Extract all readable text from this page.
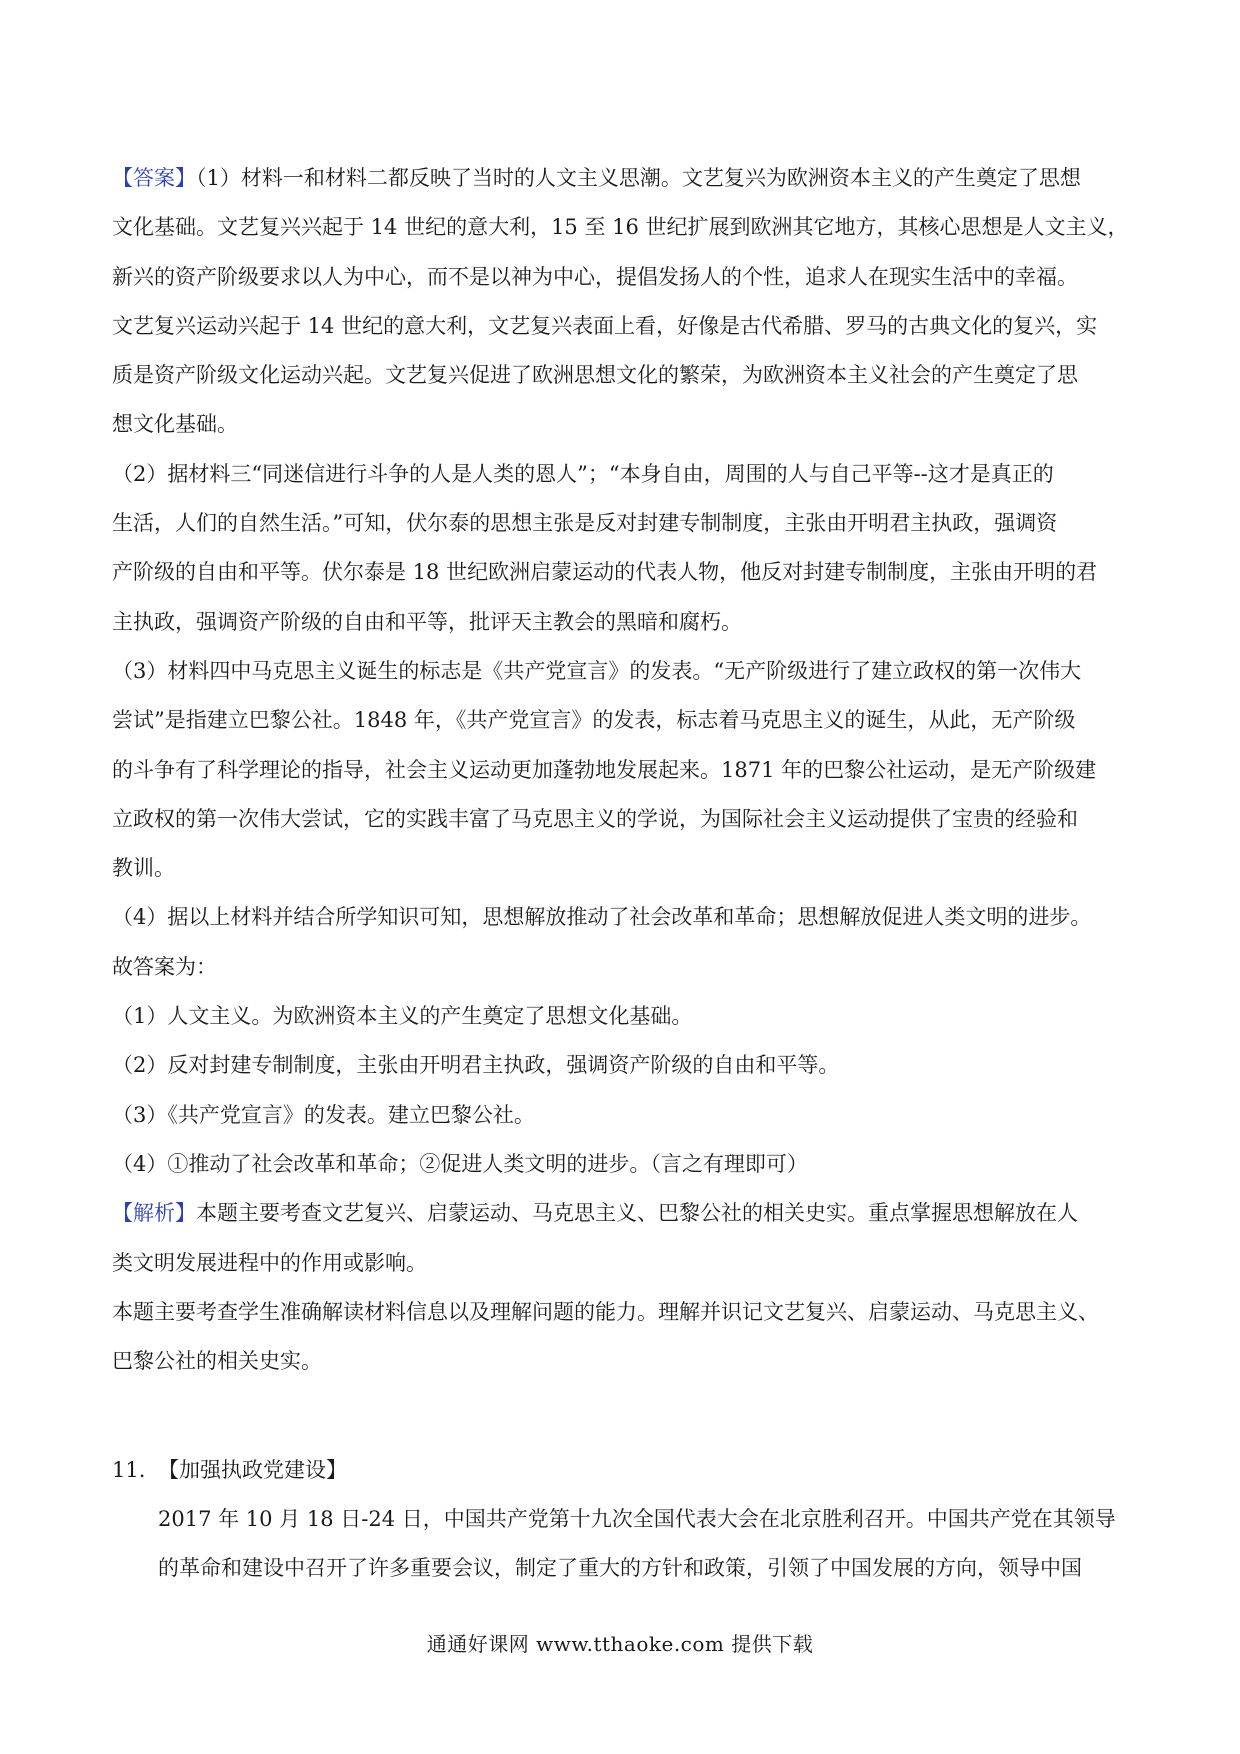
【答案】（1）材料一和材料二都反映了当时的人文主义思潮。文艺复兴为欧洲资本主义的产生奠定了思想
文化基础。文艺复兴兴起于 14 世纪的意大利，15 至 16 世纪扩展到欧洲其它地方，其核心思想是人文主义，
新兴的资产阶级要求以人为中心，而不是以神为中心，提倡发扬人的个性，追求人在现实生活中的幸福。
文艺复兴运动兴起于 14 世纪的意大利，文艺复兴表面上看，好像是古代希腊、罗马的古典文化的复兴，实
质是资产阶级文化运动兴起。文艺复兴促进了欧洲思想文化的繁荣，为欧洲资本主义社会的产生奠定了思
想文化基础。
（2）据材料三“同迷信进行斗争的人是人类的恩人”；“本身自由，周围的人与自己平等--这才是真正的
生活，人们的自然生活。”可知，伏尔泰的思想主张是反对封建专制制度，主张由开明君主执政，强调资
产阶级的自由和平等。伏尔泰是 18 世纪欧洲启蒙运动的代表人物，他反对封建专制制度，主张由开明的君
主执政，强调资产阶级的自由和平等，批评天主教会的黑暗和腐朽。
（3）材料四中马克思主义诞生的标志是《共产党宣言》的发表。“无产阶级进行了建立政权的第一次伟大
尝试”是指建立巴黎公社。1848 年，《共产党宣言》的发表，标志着马克思主义的诞生，从此，无产阶级
的斗争有了科学理论的指导，社会主义运动更加蓬勃地发展起来。1871 年的巴黎公社运动，是无产阶级建
立政权的第一次伟大尝试，它的实践丰富了马克思主义的学说，为国际社会主义运动提供了宝贵的经验和
教训。
（4）据以上材料并结合所学知识可知，思想解放推动了社会改革和革命；思想解放促进人类文明的进步。
故答案为：
（1）人文主义。为欧洲资本主义的产生奠定了思想文化基础。
（2）反对封建专制制度，主张由开明君主执政，强调资产阶级的自由和平等。
（3）《共产党宣言》的发表。建立巴黎公社。
（4）①推动了社会改革和革命；②促进人类文明的进步。（言之有理即可）
【解析】本题主要考查文艺复兴、启蒙运动、马克思主义、巴黎公社的相关史实。重点掌握思想解放在人
类文明发展进程中的作用或影响。
本题主要考查学生准确解读材料信息以及理解问题的能力。理解并识记文艺复兴、启蒙运动、马克思主义、
巴黎公社的相关史实。
11. 【加强执政党建设】
2017 年 10 月 18 日-24 日，中国共产党第十九次全国代表大会在北京胜利召开。中国共产党在其领导
的革命和建设中召开了许多重要会议，制定了重大的方针和政策，引领了中国发展的方向，领导中国
通通好课网 www.tthaoke.com 提供下载
